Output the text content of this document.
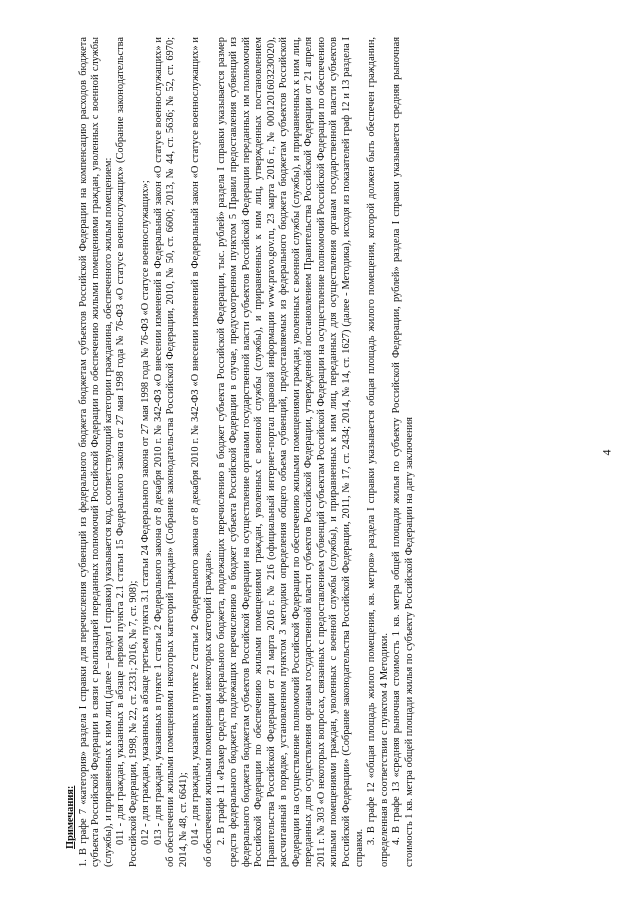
4

Примечания: 1. В графе 7 «категория» раздела I справки для перечисления субвенций из федерального бюджета бюджетам субъектов Российской Федерации на компенсацию расходов бюджета субъекта Российской Федерации в связи с реализацией переданных полномочий Российской Федерации по обеспечению жилыми помещениями граждан, уволенных с военной службы (службы), и приравненных к ним лиц (далее – раздел I справки) указывается код, соответствующий категории гражданина, обеспеченного жилым помещением: 011 - для граждан, указанных в абзаце первом пункта 2.1 статьи 15 Федерального закона от 27 мая 1998 года № 76-ФЗ «О статусе военнослужащих» (Собрание законодательства Российской Федерации, 1998, № 22, ст. 2331; 2016, № 7, ст. 908); 012 - для граждан, указанных в абзаце третьем пункта 3.1 статьи 24 Федерального закона от 27 мая 1998 года № 76-ФЗ «О статусе военнослужащих»; 013 - для граждан, указанных в пункте 1 статьи 2 Федерального закона от 8 декабря 2010 г. № 342-ФЗ «О внесении изменений в Федеральный закон «О статусе военнослужащих» и об обеспечении жилыми помещениями некоторых категорий граждан» (Собрание законодательства Российской Федерации, 2010, № 50, ст. 6600; 2013, № 44, ст. 5636; № 52, ст. 6970; 2014, № 48, ст. 6641); 014 - для граждан, указанных в пункте 2 статьи 2 Федерального закона от 8 декабря 2010 г. № 342-ФЗ «О внесении изменений в Федеральный закон «О статусе военнослужащих» и об обеспечении жилыми помещениями некоторых категорий граждан». 2. В графе 11 «Размер средств федерального бюджета, подлежащих перечислению в бюджет субъекта Российской Федерации, тыс. рублей» раздела I справки указывается размер средств федерального бюджета, подлежащих перечислению в бюджет субъекта Российской Федерации в случае, предусмотренном пунктом 5 Правил предоставления субвенций из федерального бюджета бюджетам субъектов Российской Федерации на осуществление органами государственной власти субъектов Российской Федерации переданных им полномочий Российской Федерации по обеспечению жилыми помещениями граждан, уволенных с военной службы (службы), и приравненных к ним лиц, утвержденных постановлением Правительства Российской Федерации от 21 марта 2016 г. № 216 (официальный интернет-портал правовой информации www.pravo.gov.ru, 23 марта 2016 г., № 0001201603230020), рассчитанный в порядке, установленном пунктом 3 методики определения общего объема субвенций, предоставляемых из федерального бюджета бюджетам субъектов Российской Федерации на осуществление полномочий Российской Федерации по обеспечению жилыми помещениями граждан, уволенных с военной службы (службы), и приравненных к ним лиц, переданных для осуществления органам государственной власти субъектов Российской Федерации, утвержденной постановлением Правительства Российской Федерации от 21 апреля 2011 г. № 303 «О некоторых вопросах, связанных с предоставлением субвенций субъектам Российской Федерации на осуществление полномочий Российской Федерации по обеспечению жилыми помещениями граждан, уволенных с военной службы (службы), и приравненных к ним лиц, переданных для осуществления органам государственной власти субъектов Российской Федерации» (Собрание законодательства Российской Федерации, 2011, № 17, ст. 2434; 2014, № 14, ст. 1627) (далее - Методика), исходя из показателей граф 12 и 13 раздела I справки.

3. В графе 12 «общая площадь жилого помещения, кв. метров» раздела I справки указывается общая площадь жилого помещения, которой должен быть обеспечен гражданин, определенная в соответствии с пунктом 4 Методики. 4. В графе 13 «средняя рыночная стоимость 1 кв. метра общей площади жилья по субъекту Российской Федерации, рублей» раздела I справки указывается средняя рыночная стоимость 1 кв. метра общей площади жилья по субъекту Российской Федерации на дату заключения
